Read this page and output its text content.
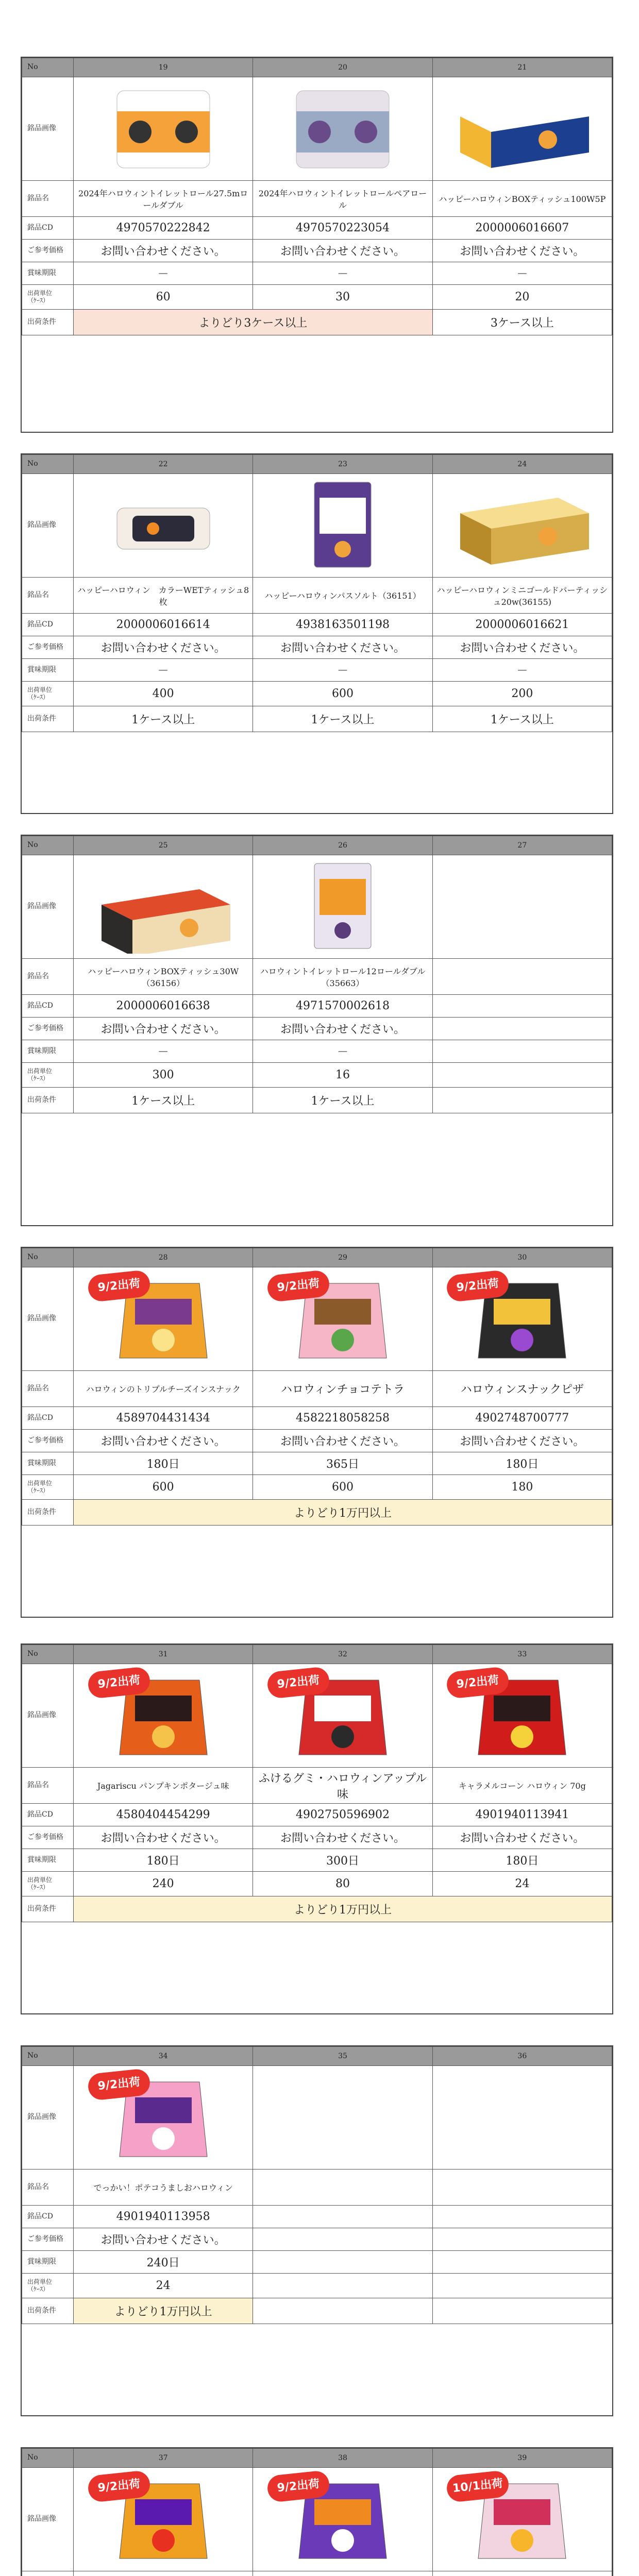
No	19	20	21
銘品画像	

銘品名	2024年ハロウィントイレットロール27.5mロールダブル	2024年ハロウィントイレットロールペアロール	ハッピーハロウィンBOXティッシュ100W5P
銘品CD	4970570222842	4970570223054	2000006016607
ご参考価格	お問い合わせください。	お問い合わせください。	お問い合わせください。
賞味期限	－	－	－
出荷単位
（ｹｰｽ）	60	30	20
出荷条件	よりどり3ケース以上		3ケース以上
No	22	23	24
銘品画像	

銘品名	ハッピーハロウィン　カラーWETティッシュ8枚	ハッピーハロウィンパスソルト（36151）	ハッピーハロウィンミニゴールドパーティッシュ20w(36155)
銘品CD	2000006016614	4938163501198	2000006016621
ご参考価格	お問い合わせください。	お問い合わせください。	お問い合わせください。
賞味期限	－	－	－
出荷単位
（ｹｰｽ）	400	600	200
出荷条件	1ケース以上	1ケース以上	1ケース以上
No	25	26	27
銘品画像	

銘品名	ハッピーハロウィンBOXティッシュ30W（36156）	ハロウィントイレットロール12ロールダブル（35663）	
銘品CD	2000006016638	4971570002618	
ご参考価格	お問い合わせください。	お問い合わせください。	
賞味期限	－	－	
出荷単位
（ｹｰｽ）	300	16	
出荷条件	1ケース以上	1ケース以上	
No	28	29	30
銘品画像	9/2出荷	9/2出荷	9/2出荷

銘品名	ハロウィンのトリプルチーズインスナック	ハロウィンチョコテトラ	ハロウィンスナックピザ
銘品CD	4589704431434	4582218058258	4902748700777
ご参考価格	お問い合わせください。	お問い合わせください。	お問い合わせください。
賞味期限	180日	365日	180日
出荷単位
（ｹｰｽ）	600	600	180
出荷条件	よりどり1万円以上		
No	31	32	33
銘品画像	9/2出荷	9/2出荷	9/2出荷

銘品名	Jagariscu パンプキンポタージュ味	ふけるグミ・ハロウィンアップル味	キャラメルコーン ハロウィン 70g
銘品CD	4580404454299	4902750596902	4901940113941
ご参考価格	お問い合わせください。	お問い合わせください。	お問い合わせください。
賞味期限	180日	300日	180日
出荷単位
（ｹｰｽ）	240	80	24
出荷条件	よりどり1万円以上		
No	34	35	36
銘品画像	9/2出荷		

銘品名	でっかい！ポテコうましおハロウィン		
銘品CD	4901940113958		
ご参考価格	お問い合わせください。		
賞味期限	240日		
出荷単位
（ｹｰｽ）	24		
出荷条件	よりどり1万円以上		
No	37	38	39
銘品画像	9/2出荷	9/2出荷	10/1出荷
